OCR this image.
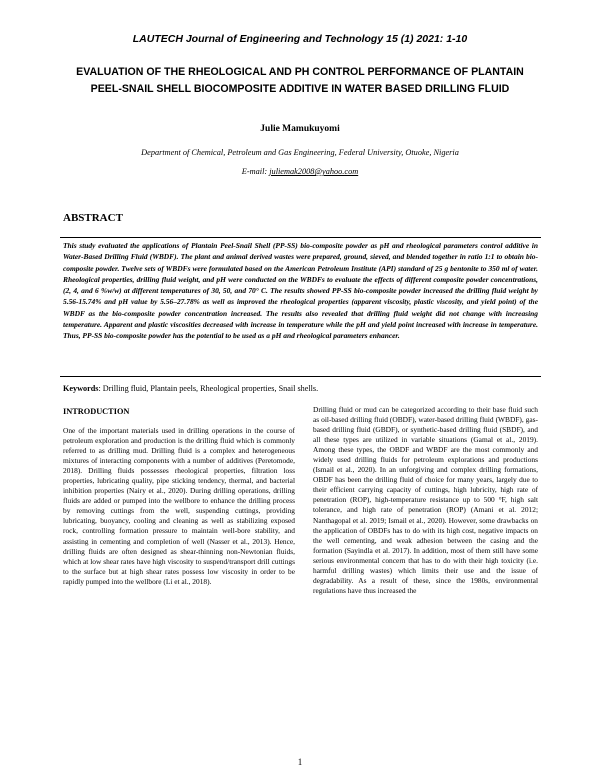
LAUTECH Journal of Engineering and Technology 15 (1) 2021: 1-10
EVALUATION OF THE RHEOLOGICAL AND PH CONTROL PERFORMANCE OF PLANTAIN PEEL-SNAIL SHELL BIOCOMPOSITE ADDITIVE IN WATER BASED DRILLING FLUID
Julie Mamukuyomi
Department of Chemical, Petroleum and Gas Engineering, Federal University, Otuoke, Nigeria
E-mail: juliemak2008@yahoo.com
ABSTRACT
This study evaluated the applications of Plantain Peel-Snail Shell (PP-SS) bio-composite powder as pH and rheological parameters control additive in Water-Based Drilling Fluid (WBDF). The plant and animal derived wastes were prepared, ground, sieved, and blended together in ratio 1:1 to obtain bio-composite powder. Twelve sets of WBDFs were formulated based on the American Petroleum Institute (API) standard of 25 g bentonite to 350 ml of water. Rheological properties, drilling fluid weight, and pH were conducted on the WBDFs to evaluate the effects of different composite powder concentrations, (2, 4, and 6 %w/w) at different temperatures of 30, 50, and 70° C. The results showed PP-SS bio-composite powder increased the drilling fluid weight by 5.56-15.74% and pH value by 5.56–27.78% as well as improved the rheological properties (apparent viscosity, plastic viscosity, and yield point) of the WBDF as the bio-composite powder concentration increased. The results also revealed that drilling fluid weight did not change with increasing temperature. Apparent and plastic viscosities decreased with increase in temperature while the pH and yield point increased with increase in temperature. Thus, PP-SS bio-composite powder has the potential to be used as a pH and rheological parameters enhancer.
Keywords: Drilling fluid, Plantain peels, Rheological properties, Snail shells.
INTRODUCTION
One of the important materials used in drilling operations in the course of petroleum exploration and production is the drilling fluid which is commonly referred to as drilling mud. Drilling fluid is a complex and heterogeneous mixtures of interacting components with a number of additives (Peretomode, 2018). Drilling fluids possesses rheological properties, filtration loss properties, lubricating quality, pipe sticking tendency, thermal, and bacterial inhibition properties (Nairy et al., 2020). During drilling operations, drilling fluids are added or pumped into the wellbore to enhance the drilling process by removing cuttings from the well, suspending cuttings, providing lubricating, buoyancy, cooling and cleaning as well as stabilizing exposed rock, controlling formation pressure to maintain well-bore stability, and assisting in cementing and completion of well (Nasser et al., 2013). Hence, drilling fluids are often designed as shear-thinning non-Newtonian fluids, which at low shear rates have high viscosity to suspend/transport drill cuttings to the surface but at high shear rates possess low viscosity in order to be rapidly pumped into the wellbore (Li et al., 2018).
Drilling fluid or mud can be categorized according to their base fluid such as oil-based drilling fluid (OBDF), water-based drilling fluid (WBDF), gas-based drilling fluid (GBDF), or synthetic-based drilling fluid (SBDF), and all these types are utilized in variable situations (Gamal et al., 2019). Among these types, the OBDF and WBDF are the most commonly and widely used drilling fluids for petroleum explorations and productions (Ismail et al., 2020). In an unforgiving and complex drilling formations, OBDF has been the drilling fluid of choice for many years, largely due to their efficient carrying capacity of cuttings, high lubricity, high rate of penetration (ROP), high-temperature resistance up to 500 °F, high salt tolerance, and high rate of penetration (ROP) (Amani et al. 2012; Nanthagopal et al. 2019; Ismail et al., 2020). However, some drawbacks on the application of OBDFs has to do with its high cost, negative impacts on the well cementing, and weak adhesion between the casing and the formation (Sayindla et al. 2017). In addition, most of them still have some serious environmental concern that has to do with their high toxicity (i.e. harmful drilling wastes) which limits their use and the issue of degradability. As a result of these, since the 1980s, environmental regulations have thus increased the
1
